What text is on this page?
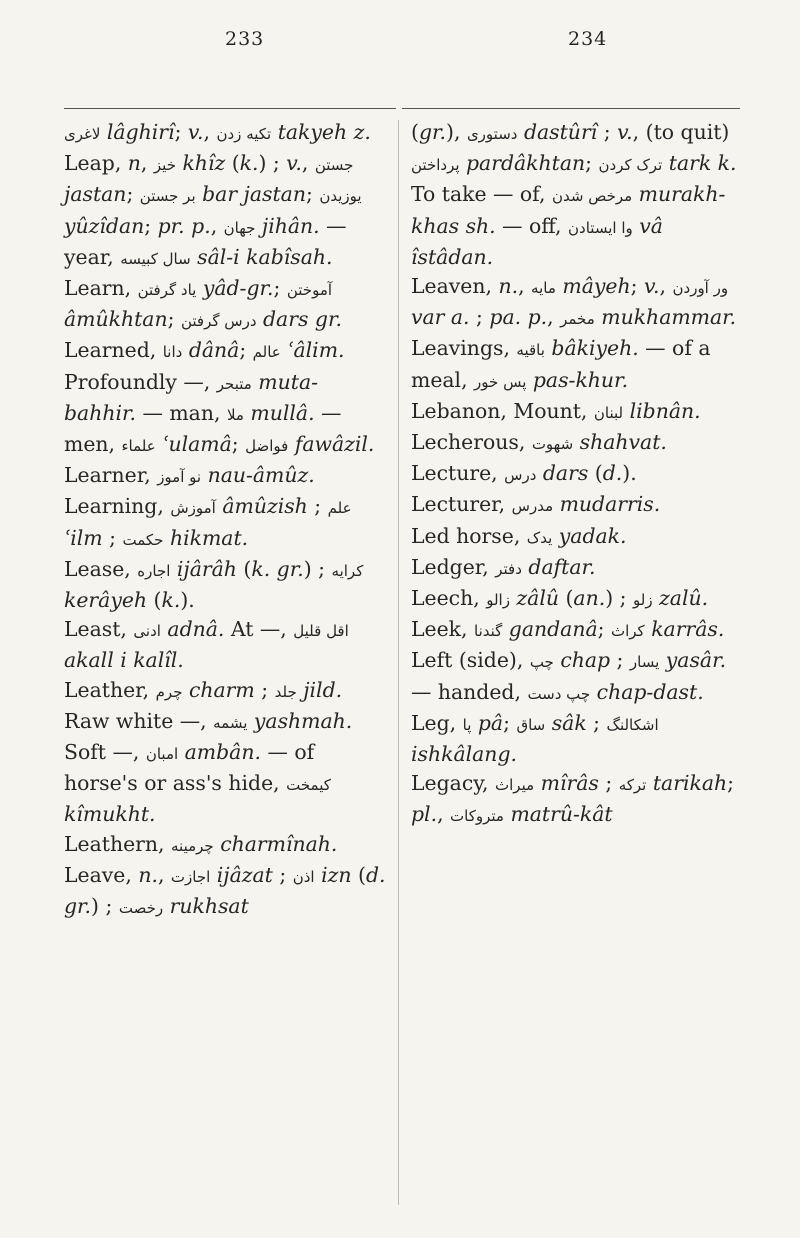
233	234

لاغری lâghirî; v., تکیه زدن takyeh z.

Leap, n, خیز khîz (k.) ; v., جستن jastan; بر جستن bar jastan; یوزیدن yûzîdan; pr. p., جهان jihân. — year, سال کبیسه sâl-i kabîsah.

Learn, یاد گرفتن yâd-gr.; آموختن âmûkhtan; درس گرفتن dars gr.

Learned, دانا dânâ; عالم ʿâlim. Profoundly —, متبحر muta-bahhir. — man, ملا mullâ. — men, علماء ʿulamâ; فواضل fawâzil.

Learner, نو آموز nau-âmûz.

Learning, آموزش âmûzish ; علم ʿilm ; حکمت hikmat.

Lease, اجاره ijârâh (k. gr.) ; کرایه kerâyeh (k.).

Least, ادنی adnâ. At —, اقل قلیل akall i kalîl.

Leather, چرم charm ; جلد jild. Raw white —, یشمه yashmah. Soft —, امبان ambân. — of horse's or ass's hide, کیمخت kîmukht.

Leathern, چرمینه charmînah.

Leave, n., اجازت ijâzat ; اذن izn (d. gr.) ; رخصت rukhsat

(gr.), دستوری dastûrî ; v., (to quit) پرداختن pardâkhtan; ترک کردن tark k. To take — of, مرخص شدن murakh-khas sh. — off, وا ایستادن vâ îstâdan.

Leaven, n., مایه mâyeh; v., ور آوردن var a. ; pa. p., مخمر mukhammar.

Leavings, باقیه bâkiyeh. — of a meal, پس خور pas-khur.

Lebanon, Mount, لبنان libnân.

Lecherous, شهوت shahvat.

Lecture, درس dars (d.).

Lecturer, مدرس mudarris.

Led horse, یدک yadak.

Ledger, دفتر daftar.

Leech, زالو zâlû (an.) ; زلو zalû.

Leek, گندنا gandanâ; کراث karrâs.

Left (side), چپ chap ; یسار yasâr. — handed, چپ دست chap-dast.

Leg, پا pâ; ساق sâk ; اشکالنگ ishkâlang.

Legacy, میراث mîrâs ; ترکه tarikah; pl., متروکات matrû-kât
